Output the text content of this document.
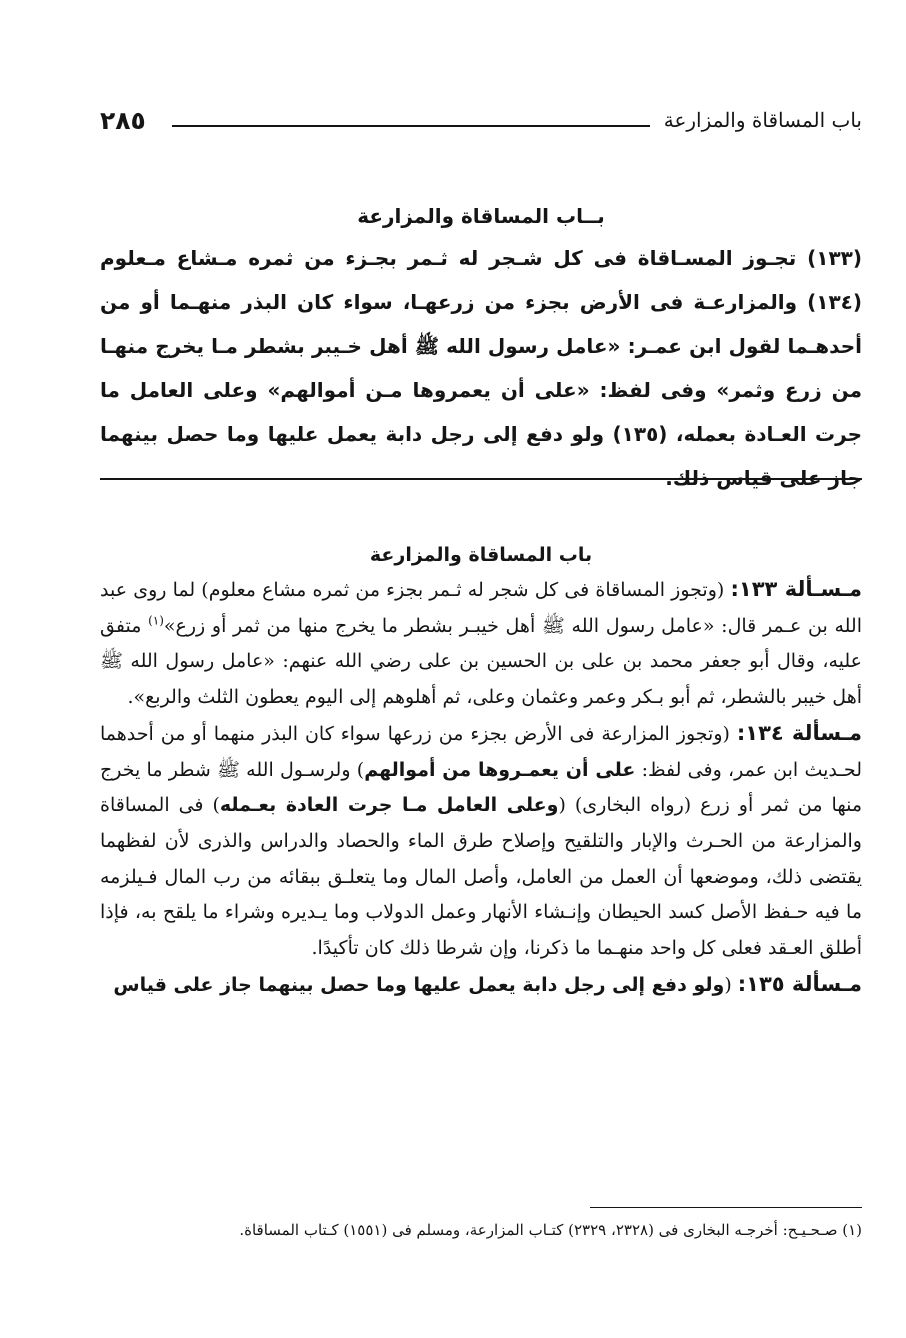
باب المساقاة والمزارعة
٢٨٥

بــاب المساقاة والمزارعة

(١٣٣) تجـوز المسـاقاة فى كل شـجر له ثـمر بجـزء من ثمره مـشاع مـعلوم (١٣٤) والمزارعـة فى الأرض بجزء من زرعهـا، سواء كان البذر منهـما أو من أحدهـما لقول ابن عمـر: «عامل رسول الله ﷺ أهل خـيبر بشطر مـا يخرج منهـا من زرع وثمر» وفى لفظ: «على أن يعمروها مـن أموالهم» وعلى العامل ما جرت العـادة بعمله، (١٣٥) ولو دفع إلى رجل دابة يعمل عليها وما حصل بينهما جاز على قياس ذلك.

باب المساقاة والمزارعة

مـسـألة ١٣٣: (وتجوز المساقاة فى كل شجر له ثـمر بجزء من ثمره مشاع معلوم) لما روى عبد الله بن عـمر قال: «عامل رسول الله ﷺ أهل خيبـر بشطر ما يخرج منها من ثمر أو زرع»$^{(١)}$ متفق عليه، وقال أبو جعفر محمد بن على بن الحسين بن على رضي الله عنهم: «عامل رسول الله ﷺ أهل خيبر بالشطر، ثم أبو بـكر وعمر وعثمان وعلى، ثم أهلوهم إلى اليوم يعطون الثلث والربع».

مـسألة ١٣٤: (وتجوز المزارعة فى الأرض بجزء من زرعها سواء كان البذر منهما أو من أحدهما لحـديث ابن عمر، وفى لفظ: على أن يعمـروها من أموالهم) ولرسـول الله ﷺ شطر ما يخرج منها من ثمر أو زرع (رواه البخارى) (وعلى العامل مـا جرت العادة بعـمله) فى المساقاة والمزارعة من الحـرث والإبار والتلقيح وإصلاح طرق الماء والحصاد والدراس والذرى لأن لفظهما يقتضى ذلك، وموضعها أن العمل من العامل، وأصل المال وما يتعلـق ببقائه من رب المال فـيلزمه ما فيه حـفظ الأصل كسد الحيطان وإنـشاء الأنهار وعمل الدولاب وما يـديره وشراء ما يلقح به، فإذا أطلق العـقد فعلى كل واحد منهـما ما ذكرنا، وإن شرطا ذلك كان تأكيدًا.

مـسألة ١٣٥: (ولو دفع إلى رجل دابة يعمل عليها وما حصل بينهما جاز على قياس

(١) صـحـيـح: أخرجـه البخارى فى (٢٣٢٨، ٢٣٢٩) كتـاب المزارعة، ومسلم فى (١٥٥١) كـتاب المساقاة.
